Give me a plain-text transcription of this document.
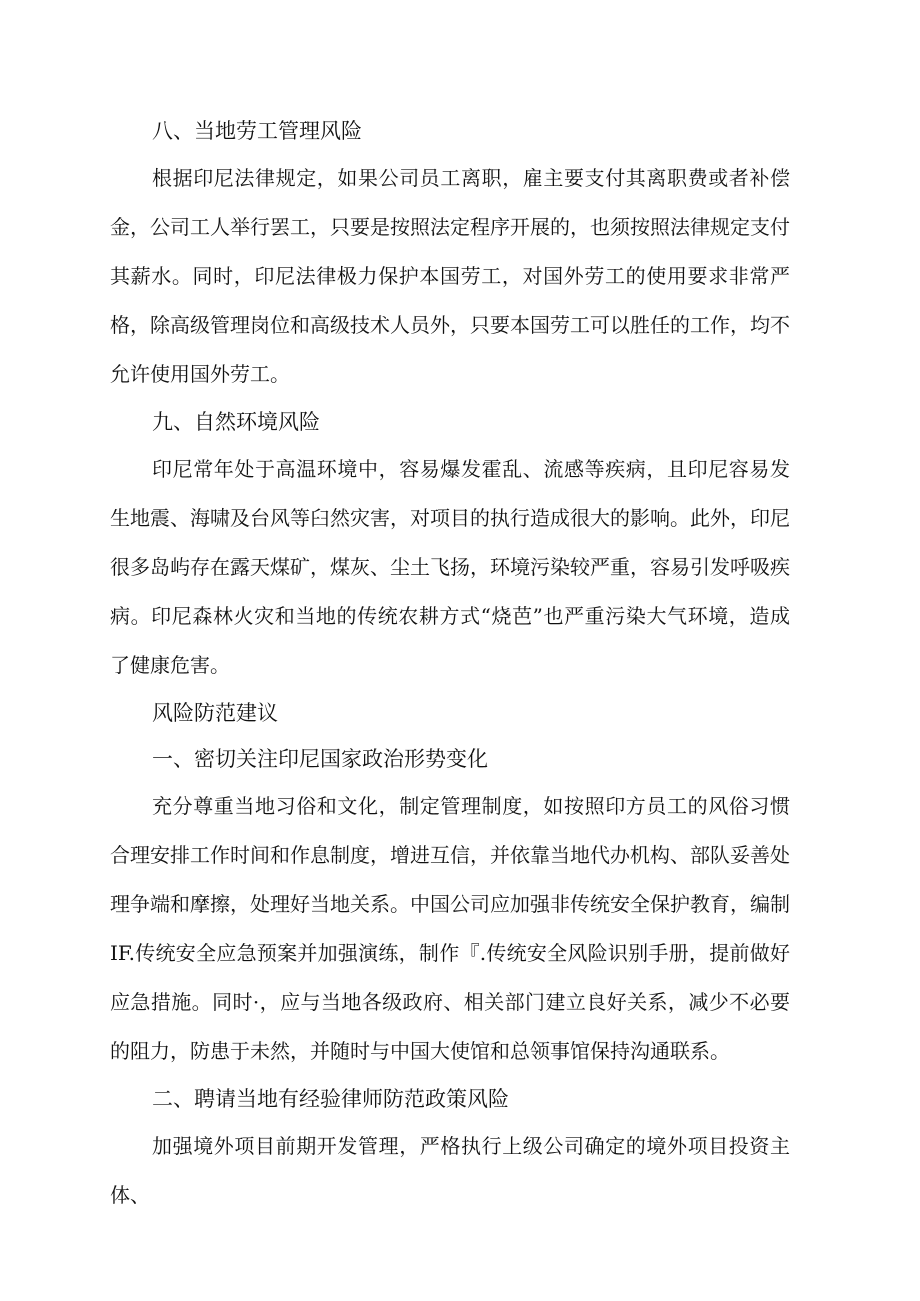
八、当地劳工管理风险

根据印尼法律规定，如果公司员工离职，雇主要支付其离职费或者补偿金，公司工人举行罢工，只要是按照法定程序开展的，也须按照法律规定支付其薪水。同时，印尼法律极力保护本国劳工，对国外劳工的使用要求非常严格，除高级管理岗位和高级技术人员外，只要本国劳工可以胜任的工作，均不允许使用国外劳工。

九、自然环境风险

印尼常年处于高温环境中，容易爆发霍乱、流感等疾病，且印尼容易发生地震、海啸及台风等臼然灾害，对项目的执行造成很大的影响。此外，印尼很多岛屿存在露天煤矿，煤灰、尘土飞扬，环境污染较严重，容易引发呼吸疾病。印尼森林火灾和当地的传统农耕方式“烧芭”也严重污染大气环境，造成了健康危害。

风险防范建议
一、密切关注印尼国家政治形势变化

充分尊重当地习俗和文化，制定管理制度，如按照印方员工的风俗习惯合理安排工作时间和作息制度，增进互信，并依靠当地代办机构、部队妥善处理争端和摩擦，处理好当地关系。中国公司应加强非传统安全保护教育，编制IF.传统安全应急预案并加强演练，制作『.传统安全风险识别手册，提前做好应急措施。同时·，应与当地各级政府、相关部门建立良好关系，减少不必要的阻力，防患于未然，并随时与中国大使馆和总领事馆保持沟通联系。

二、聘请当地有经验律师防范政策风险

加强境外项目前期开发管理，严格执行上级公司确定的境外项目投资主体、
